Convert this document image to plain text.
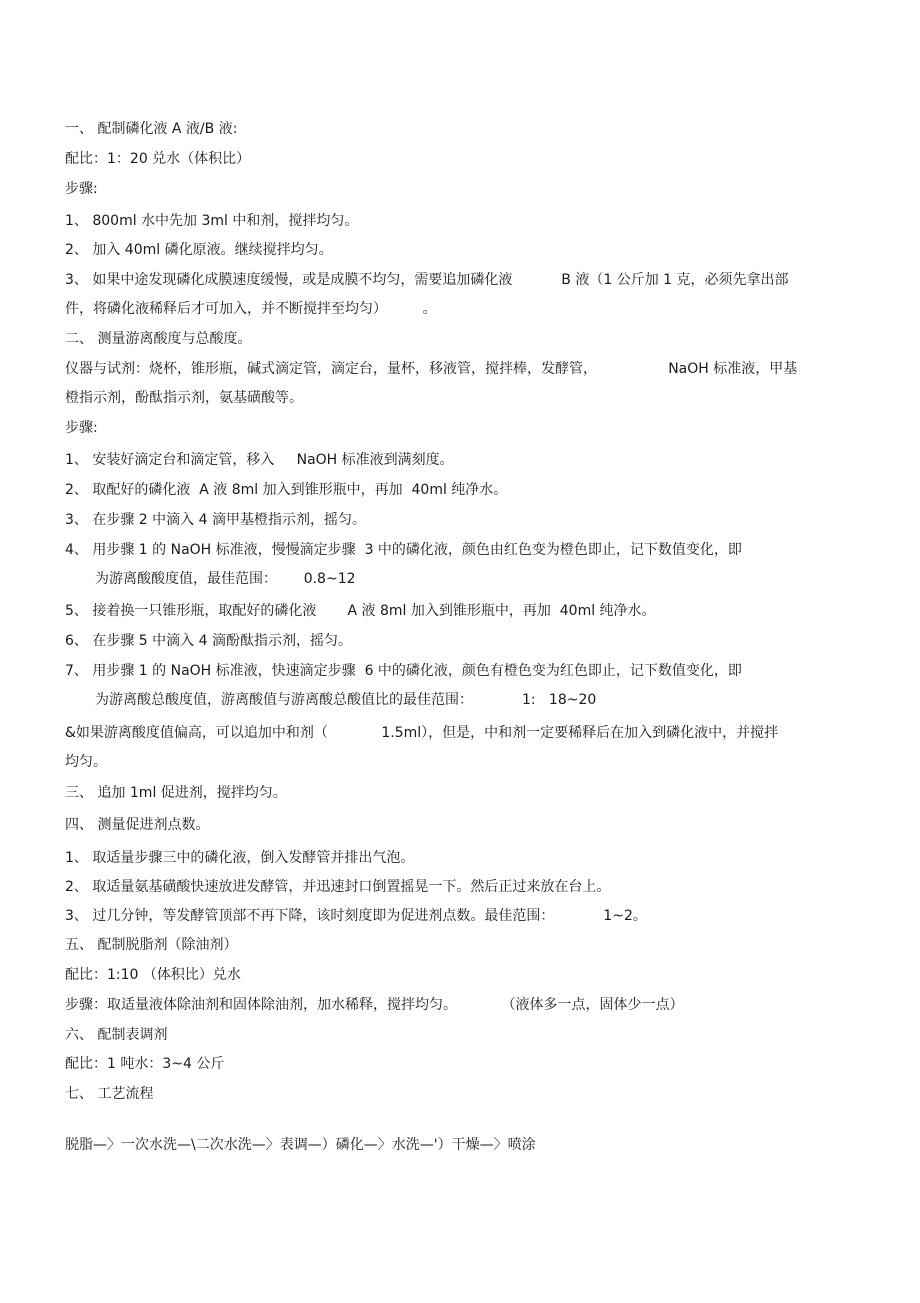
一、 配制磷化液 A 液/B 液:
配比：1：20 兑水（体积比）
步骤:
1、 800ml 水中先加 3ml 中和剂，搅拌均匀。
2、 加入 40ml 磷化原液。继续搅拌均匀。
3、 如果中途发现磷化成膜速度缓慢，或是成膜不均匀，需要追加磷化液           B 液（1 公斤加 1 克，必须先拿出部
件，将磷化液稀释后才可加入，并不断搅拌至均匀）        。
二、 测量游离酸度与总酸度。
仪器与试剂：烧杯，锥形瓶，碱式滴定管，滴定台，量杯，移液管，搅拌棒，发酵管，                NaOH 标准液，甲基
橙指示剂，酚酞指示剂，氨基磺酸等。
步骤:
1、 安装好滴定台和滴定管，移入     NaOH 标准液到满刻度。
2、 取配好的磷化液  A 液 8ml 加入到锥形瓶中，再加  40ml 纯净水。
3、 在步骤 2 中滴入 4 滴甲基橙指示剂，摇匀。
4、 用步骤 1 的 NaOH 标准液，慢慢滴定步骤  3 中的磷化液，颜色由红色变为橙色即止，记下数值变化，即
为游离酸酸度值，最佳范围：      0.8~12
5、 接着换一只锥形瓶，取配好的磷化液       A 液 8ml 加入到锥形瓶中，再加  40ml 纯净水。
6、 在步骤 5 中滴入 4 滴酚酞指示剂，摇匀。
7、 用步骤 1 的 NaOH 标准液，快速滴定步骤  6 中的磷化液，颜色有橙色变为红色即止，记下数值变化，即
为游离酸总酸度值，游离酸值与游离酸总酸值比的最佳范围：           1:   18~20
&如果游离酸度值偏高，可以追加中和剂（            1.5ml），但是，中和剂一定要稀释后在加入到磷化液中，并搅拌
均匀。
三、 追加 1ml 促进剂，搅拌均匀。
四、 测量促进剂点数。
1、 取适量步骤三中的磷化液，倒入发酵管并排出气泡。
2、 取适量氨基磺酸快速放进发酵管，并迅速封口倒置摇晃一下。然后正过来放在台上。
3、 过几分钟，等发酵管顶部不再下降，该时刻度即为促进剂点数。最佳范围：           1~2。
五、 配制脱脂剂（除油剂）
配比：1:10 （体积比）兑水
步骤：取适量液体除油剂和固体除油剂，加水稀释，搅拌均匀。          （液体多一点，固体少一点）
六、 配制表调剂
配比：1 吨水：3~4 公斤
七、 工艺流程
脱脂—〉一次水洗—\二次水洗—〉表调—）磷化—〉水洗—'）干燥—〉喷涂
